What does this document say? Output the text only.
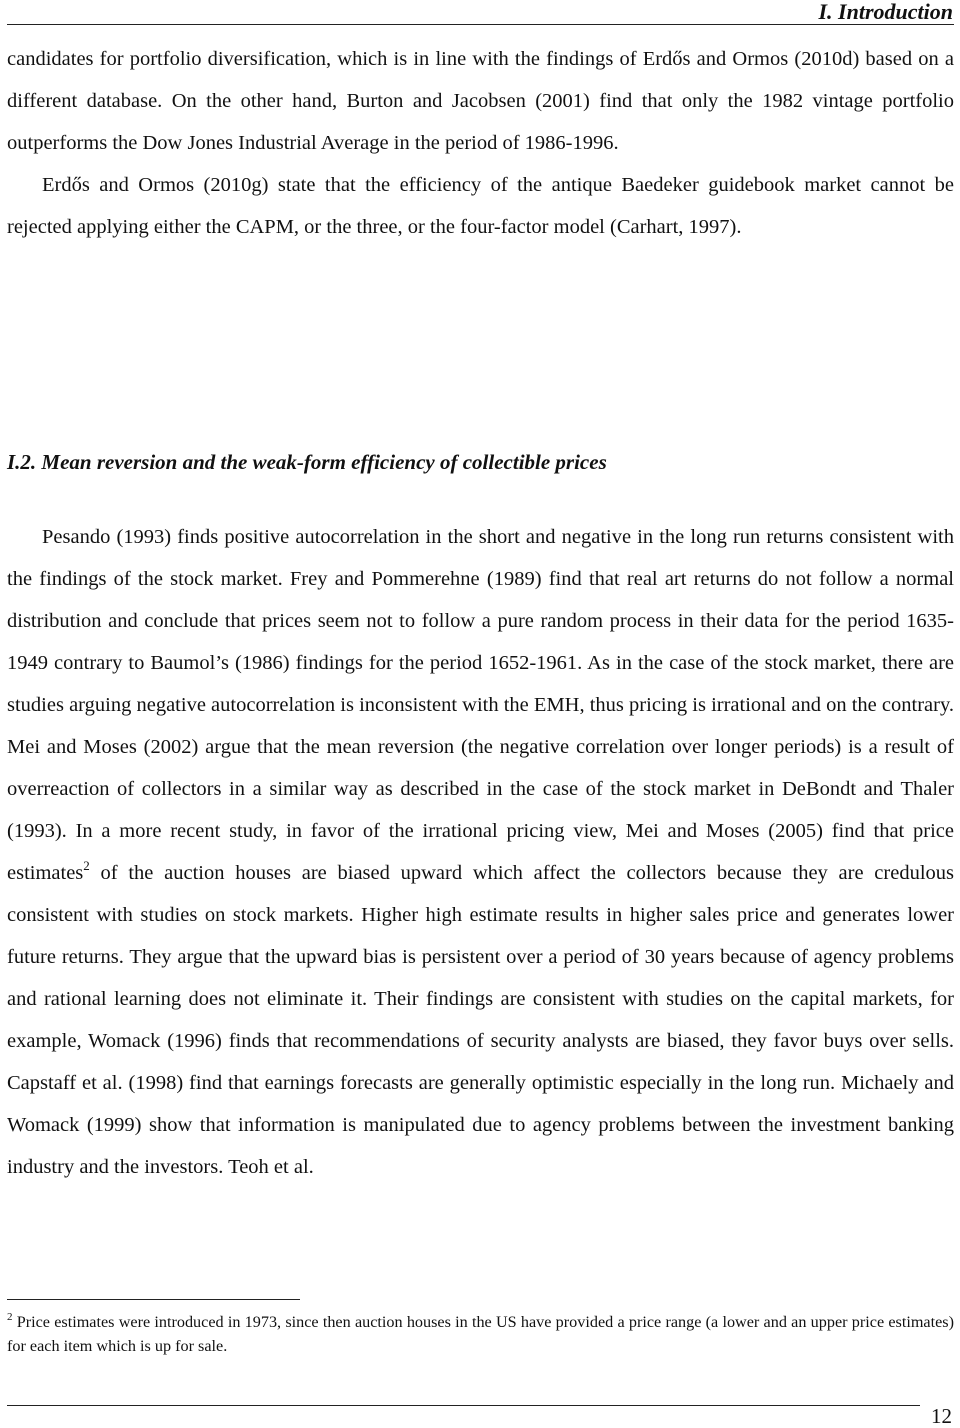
I. Introduction

candidates for portfolio diversification, which is in line with the findings of Erdős and Ormos (2010d) based on a different database. On the other hand, Burton and Jacobsen (2001) find that only the 1982 vintage portfolio outperforms the Dow Jones Industrial Average in the period of 1986-1996.

Erdős and Ormos (2010g) state that the efficiency of the antique Baedeker guidebook market cannot be rejected applying either the CAPM, or the three, or the four-factor model (Carhart, 1997).

I.2. Mean reversion and the weak-form efficiency of collectible prices

Pesando (1993) finds positive autocorrelation in the short and negative in the long run returns consistent with the findings of the stock market. Frey and Pommerehne (1989) find that real art returns do not follow a normal distribution and conclude that prices seem not to follow a pure random process in their data for the period 1635-1949 contrary to Baumol’s (1986) findings for the period 1652-1961. As in the case of the stock market, there are studies arguing negative autocorrelation is inconsistent with the EMH, thus pricing is irrational and on the contrary. Mei and Moses (2002) argue that the mean reversion (the negative correlation over longer periods) is a result of overreaction of collectors in a similar way as described in the case of the stock market in DeBondt and Thaler (1993). In a more recent study, in favor of the irrational pricing view, Mei and Moses (2005) find that price estimates$^2$ of the auction houses are biased upward which affect the collectors because they are credulous consistent with studies on stock markets. Higher high estimate results in higher sales price and generates lower future returns. They argue that the upward bias is persistent over a period of 30 years because of agency problems and rational learning does not eliminate it. Their findings are consistent with studies on the capital markets, for example, Womack (1996) finds that recommendations of security analysts are biased, they favor buys over sells. Capstaff et al. (1998) find that earnings forecasts are generally optimistic especially in the long run. Michaely and Womack (1999) show that information is manipulated due to agency problems between the investment banking industry and the investors. Teoh et al.

$^2$ Price estimates were introduced in 1973, since then auction houses in the US have provided a price range (a lower and an upper price estimates) for each item which is up for sale.
12
